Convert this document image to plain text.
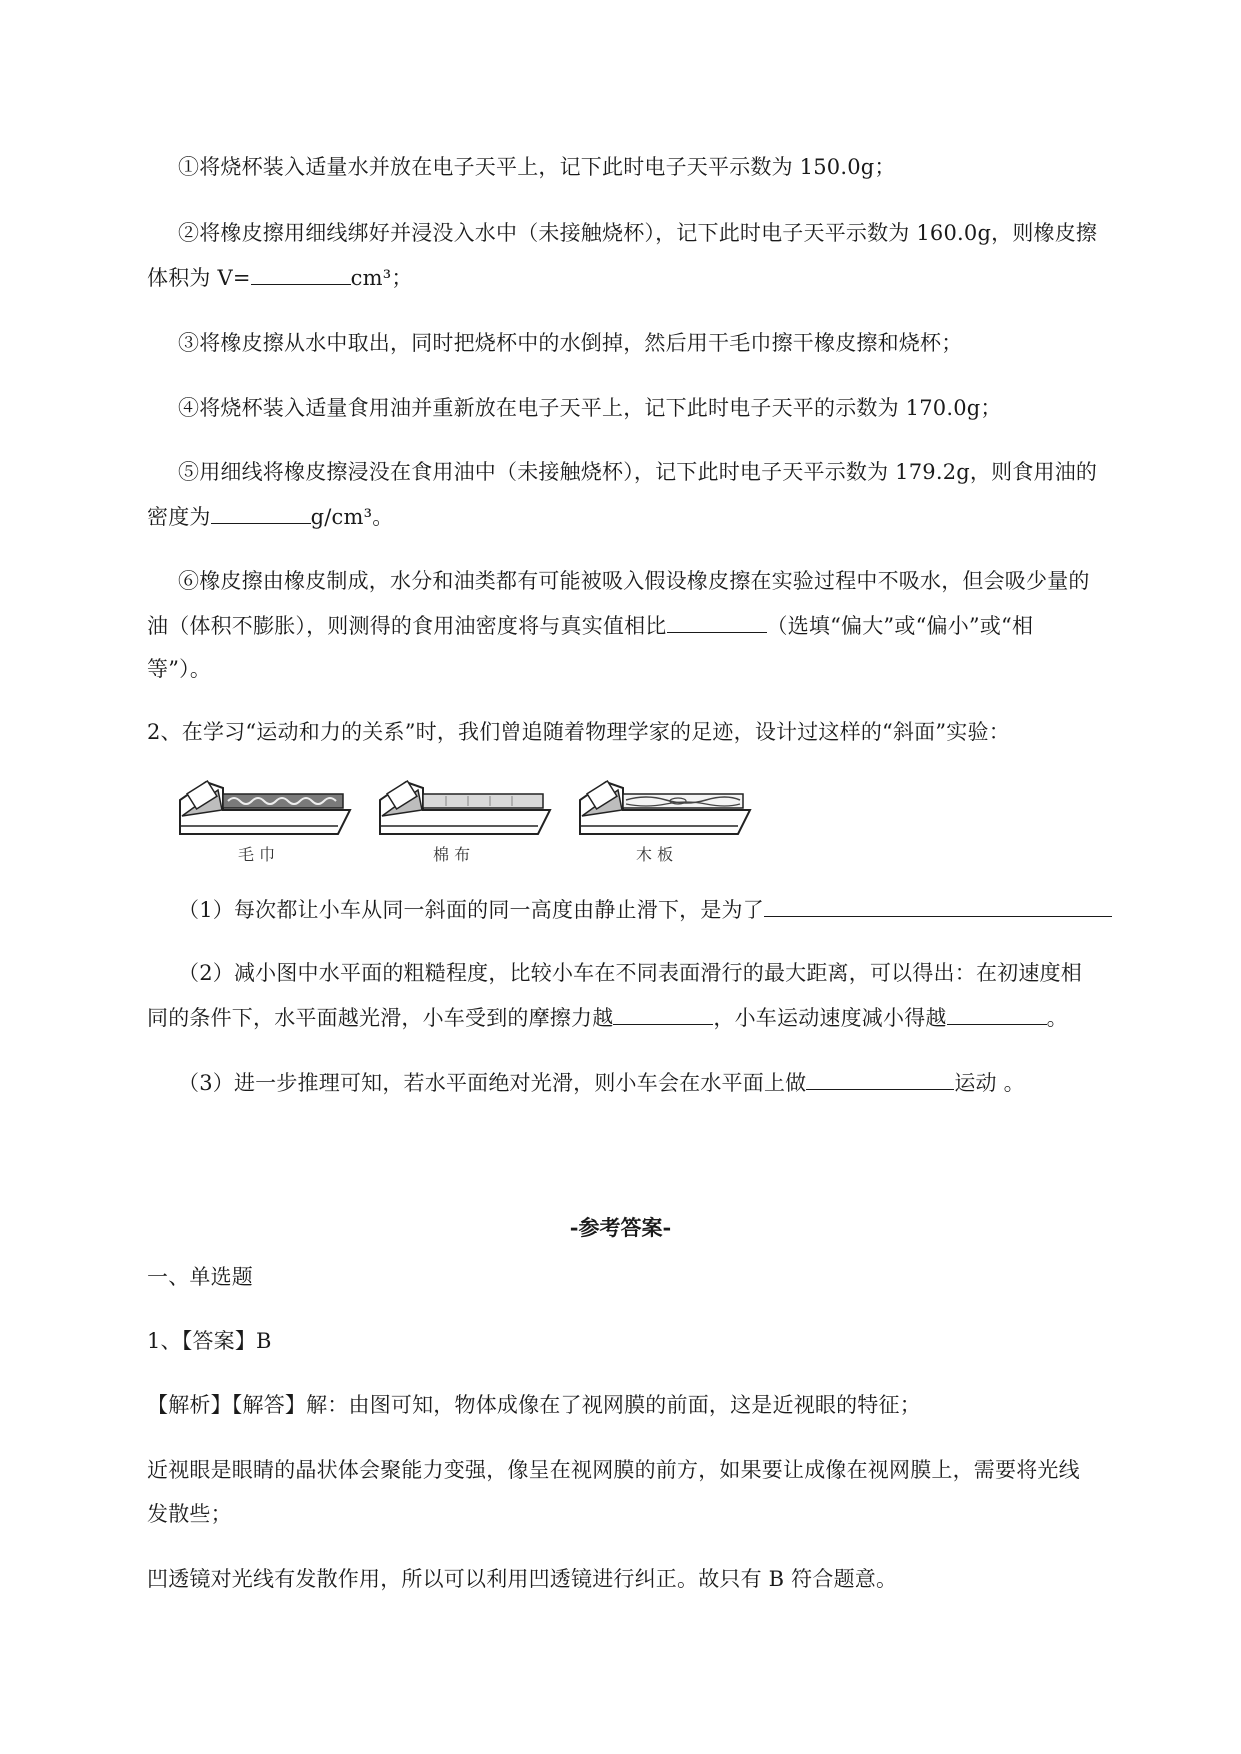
①将烧杯装入适量水并放在电子天平上，记下此时电子天平示数为 150.0g；
②将橡皮擦用细线绑好并浸没入水中（未接触烧杯），记下此时电子天平示数为 160.0g，则橡皮擦
体积为 V=	cm³；
③将橡皮擦从水中取出，同时把烧杯中的水倒掉，然后用干毛巾擦干橡皮擦和烧杯；
④将烧杯装入适量食用油并重新放在电子天平上，记下此时电子天平的示数为 170.0g；
⑤用细线将橡皮擦浸没在食用油中（未接触烧杯），记下此时电子天平示数为 179.2g，则食用油的
密度为	g/cm³。
⑥橡皮擦由橡皮制成，水分和油类都有可能被吸入假设橡皮擦在实验过程中不吸水，但会吸少量的
油（体积不膨胀），则测得的食用油密度将与真实值相比	（选填“偏大”或“偏小”或“相
等”）。
2、在学习“运动和力的关系”时，我们曾追随着物理学家的足迹，设计过这样的“斜面”实验：
毛 巾	棉 布	木 板
（1）每次都让小车从同一斜面的同一高度由静止滑下，是为了
（2）减小图中水平面的粗糙程度，比较小车在不同表面滑行的最大距离，可以得出：在初速度相
同的条件下，水平面越光滑，小车受到的摩擦力越	，小车运动速度减小得越	。
（3）进一步推理可知，若水平面绝对光滑，则小车会在水平面上做	运动 。
-参考答案-
一、单选题
1、【答案】B
【解析】【解答】解：由图可知，物体成像在了视网膜的前面，这是近视眼的特征；
近视眼是眼睛的晶状体会聚能力变强，像呈在视网膜的前方，如果要让成像在视网膜上，需要将光线
发散些；
凹透镜对光线有发散作用，所以可以利用凹透镜进行纠正。故只有 B 符合题意。
